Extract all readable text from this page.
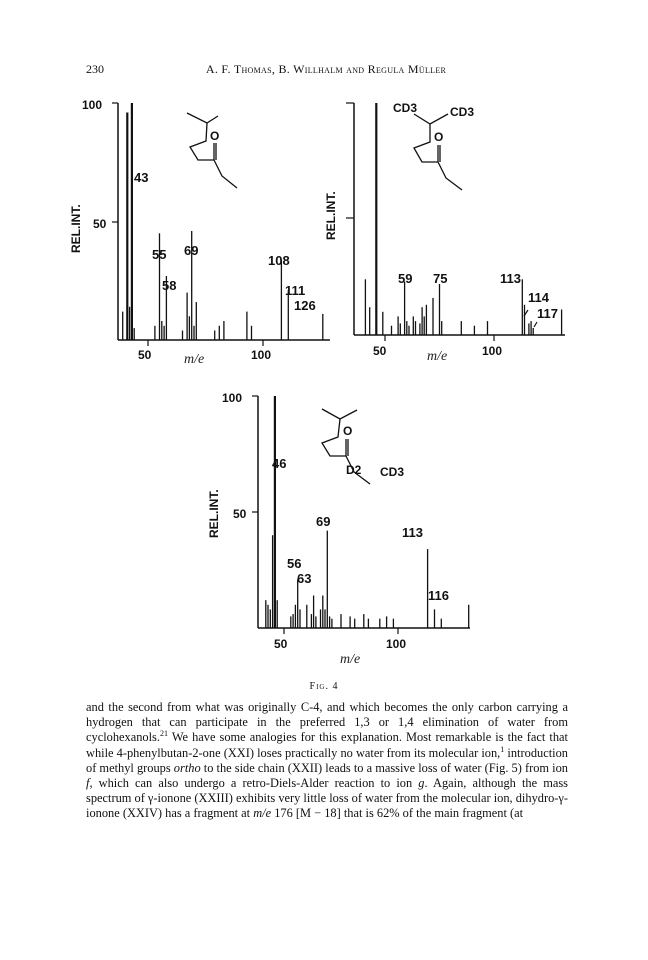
230	A. F. Thomas, B. Willhalm and Regula Müller
100
50
REL.INT.
50	100
m/e
43
55
58
69
108
111
126
O
REL.INT.
50	100
m/e
59 75	113
114
117
CD3	CD3
O
100
50
REL.INT.
50	100
m/e
46
69
113
56
63
116
O
D2 CD3
Fig. 4

and the second from what was originally C-4, and which becomes the only carbon carrying a hydrogen that can participate in the preferred 1,3 or 1,4 elimination of water from cyclohexanols.$^{21}$ We have some analogies for this explanation. Most remarkable is the fact that while 4-phenylbutan-2-one (XXI) loses practically no water from its molecular ion,$^1$ introduction of methyl groups ortho to the side chain (XXII) leads to a massive loss of water (Fig. 5) from ion f, which can also undergo a retro-Diels-Alder reaction to ion g. Again, although the mass spectrum of γ-ionone (XXIII) exhibits very little loss of water from the molecular ion, dihydro-γ-ionone (XXIV) has a fragment at m/e 176 [M − 18] that is 62% of the main fragment (at
